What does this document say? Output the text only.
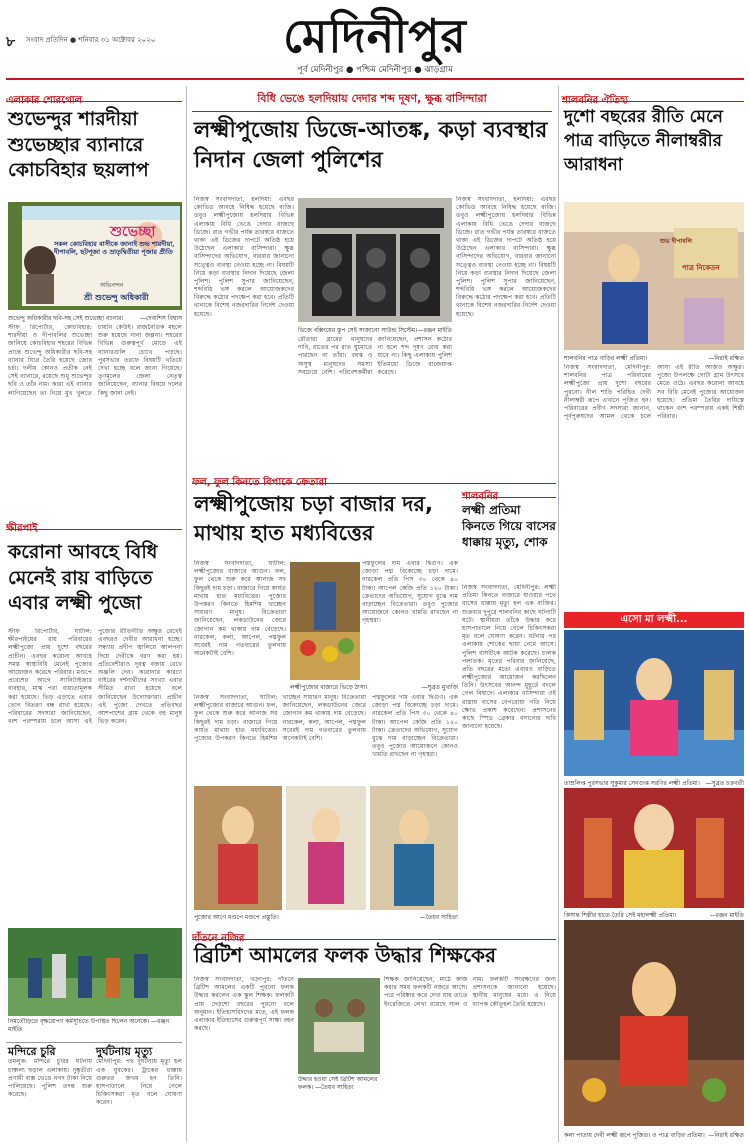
৮ সংবাদ প্রতিদিন ● শনিবার ৩১ অক্টোবর ২০২০	মেদিনীপুর
পূর্ব মেদিনীপুর ● পশ্চিম মেদিনীপুর ● ঝাড়গ্রাম
এলাকার শোরগোল
শুভেন্দুর শারদীয়া শুভেচ্ছার ব্যানারে কোচবিহার ছয়লাপ
শুভেচ্ছা
সকল কোচবিহার বাসীকে জানাই শুভ শারদীয়া, দীপাবলি, ছটপূজা ও ভ্রাতৃদ্বিতীয়া পূজার প্রীতি
অভিনন্দন
শ্রী শুভেন্দু অধিকারী
শুভেন্দু অধিকারীর ছবি-সহ সেই শুভেচ্ছা ব্যানার।	—দেবাশিস বিশ্বাস
স্টাফ রিপোর্টার, কোচবিহার: শারদীয়া ও দীপাবলির শুভেচ্ছা জানিয়ে কোচবিহার শহরের বিভিন্ন প্রান্তে শুভেন্দু অধিকারীর ছবি-সহ ব্যানার ঘিরে তৈরি হয়েছে জোর চর্চা। দলীয় কোনও প্রতীক নেই সেই ব্যানারে, রয়েছে শুধু শুভেন্দুর ছবি ও তাঁর নাম। কারা এই ব্যানার লাগিয়েছেন তা নিয়ে মুখ খুলতে চায়নি কেউই। রাজনৈতিক মহলে শুরু হয়েছে নানা জল্পনা। শহরের বিভিন্ন গুরুত্বপূর্ণ মোড়ে এই ব্যানারগুলি চোখে পড়ছে। পুরসভার তরফে বিষয়টি খতিয়ে দেখা হচ্ছে বলে জানা গিয়েছে। তৃণমূলের জেলা নেতৃত্ব জানিয়েছেন, ব্যানার বিষয়ে দলের কিছু জানা নেই।
ক্ষীরপাই
করোনা আবহে বিধি মেনেই রায় বাড়িতে এবার লক্ষ্মী পুজো
স্টাফ রিপোর্টার, ঘাটাল: ক্ষীরপাইয়ের রায় পরিবারের লক্ষ্মীপুজো প্রায় দুশো বছরের প্রাচীন। এবছর করোনা আবহে সমস্ত স্বাস্থ্যবিধি মেনেই পুজোর আয়োজন করেছে পরিবার। মণ্ডপে প্রবেশের আগে স্যানিটাইজার ব্যবহার, মাস্ক পরা বাধ্যতামূলক করা হয়েছে। ভিড় এড়াতে এবার ভোগ বিতরণ বন্ধ রাখা হয়েছে। পরিবারের সদস্যরা জানিয়েছেন, বংশ পরম্পরায় চলে আসা এই পুজোর রীতিনীতি অক্ষুণ্ণ রেখেই এবছরও দেবীর আরাধনা হচ্ছে। সন্ধ্যায় প্রদীপ জ্বালিয়ে আলপনা দিয়ে দেবীকে বরণ করা হয়। প্রতিবেশীরাও দূরত্ব বজায় রেখে অঞ্জলি দেন। করোনার কারণে বাইরের দর্শনার্থীদের সংখ্যা এবার সীমিত রাখা হয়েছে বলে জানিয়েছেন উদ্যোক্তারা। প্রাচীন এই পুজো দেখতে প্রতিবছর আশপাশের গ্রাম থেকে বহু মানুষ ভিড় করেন।
নিমতৌড়িতে বৃক্ষরোপণ কর্মসূচিতে উপস্থিত ছিলেন অনেকে। —রঞ্জন মাইতি
মন্দিরে চুরি
তমলুক: মন্দিরে চুরির ঘটনায় চাঞ্চল্য ছড়াল এলাকায়। দুষ্কৃতীরা প্রণামী বাক্স ভেঙে নগদ টাকা নিয়ে পালিয়েছে। পুলিশ তদন্ত শুরু করেছে।
দুর্ঘটনায় মৃত্যু
মেদিনীপুর: পথ দুর্ঘটনায় মৃত্যু হল এক যুবকের। ট্রাকের ধাক্কায় গুরুতর জখম হন তিনি। হাসপাতালে নিয়ে গেলে চিকিৎসকরা মৃত বলে ঘোষণা করেন।
বিধি ভেঙে হলদিয়ায় দেদার শব্দ দূষণ, ক্ষুব্ধ বাসিন্দারা
লক্ষ্মীপুজোয় ডিজে-আতঙ্ক, কড়া ব্যবস্থার নিদান জেলা পুলিশের
নিজস্ব সংবাদদাতা, হলদিয়া: এবছর কোভিড আবহে নিষিদ্ধ হয়েছে বাজি। তবুও লক্ষ্মীপুজোয় হলদিয়ার বিভিন্ন এলাকায় বিধি ভেঙে দেদার বাজছে ডিজে। রাত গভীর পর্যন্ত তারস্বরে বাজতে থাকা এই ডিজের দাপটে অতিষ্ঠ হয়ে উঠেছেন এলাকার বাসিন্দারা। ক্ষুব্ধ বাসিন্দাদের অভিযোগ, বারবার জানানো সত্ত্বেও ব্যবস্থা নেওয়া হচ্ছে না। বিষয়টি নিয়ে কড়া ব্যবস্থার নিদান দিয়েছে জেলা পুলিশ। পুলিশ সুপার জানিয়েছেন, শব্দবিধি ভঙ্গ করলে আয়োজকদের বিরুদ্ধে কঠোর পদক্ষেপ করা হবে। প্রতিটি থানাকে বিশেষ নজরদারির নির্দেশ দেওয়া হয়েছে।
ডিজে বক্সিংয়ের স্তূপ সেই সাজানো সাউন্ড সিস্টেম। —রঞ্জন মাইতি
রৌতারা গ্রামের মানুষদের দাবি, রাতের পর রাত ঘুমোতে পারছেন না তাঁরা। বয়স্ক ও অসুস্থ মানুষদের সমস্যা সবচেয়ে বেশি। পরিবেশকর্মীরা জানিয়েছেন, প্রশাসন কঠোর না হলে শব্দ দূষণ রোধ করা যাবে না। কিছু এলাকায় পুলিশ ইতিমধ্যে ডিজে বাজেয়াপ্ত করেছে।
নিজস্ব সংবাদদাতা, হলদিয়া: এবছর কোভিড আবহে নিষিদ্ধ হয়েছে বাজি। তবুও লক্ষ্মীপুজোয় হলদিয়ার বিভিন্ন এলাকায় বিধি ভেঙে দেদার বাজছে ডিজে। রাত গভীর পর্যন্ত তারস্বরে বাজতে থাকা এই ডিজের দাপটে অতিষ্ঠ হয়ে উঠেছেন এলাকার বাসিন্দারা। ক্ষুব্ধ বাসিন্দাদের অভিযোগ, বারবার জানানো সত্ত্বেও ব্যবস্থা নেওয়া হচ্ছে না। বিষয়টি নিয়ে কড়া ব্যবস্থার নিদান দিয়েছে জেলা পুলিশ। পুলিশ সুপার জানিয়েছেন, শব্দবিধি ভঙ্গ করলে আয়োজকদের বিরুদ্ধে কঠোর পদক্ষেপ করা হবে। প্রতিটি থানাকে বিশেষ নজরদারির নির্দেশ দেওয়া হয়েছে।
ফল, ফুল কিনতে বিপাকে ক্রেতারা
লক্ষ্মীপুজোয় চড়া বাজার দর, মাথায় হাত মধ্যবিত্তের
নিজস্ব সংবাদদাতা, ঘাটাল: লক্ষ্মীপুজোর বাজারে আগুন। ফল, ফুল থেকে শুরু করে আনাজ সব কিছুরই দাম চড়া। বাজারে গিয়ে কার্যত মাথায় হাত মধ্যবিত্তের। পুজোর উপকরণ কিনতে হিমশিম খাচ্ছেন সাধারণ মানুষ। বিক্রেতারা জানিয়েছেন, লকডাউনের জেরে জোগান কম থাকায় দাম বেড়েছে। নারকেল, কলা, আপেল, পদ্মফুল সবেরই দাম গতবারের তুলনায় অনেকটাই বেশি।
লক্ষ্মীপুজোর বাজারে ভিড়ে ঠাসা।	—সুব্রত মুখার্জি
পদ্মফুলের দাম এবার দ্বিগুণ। এক জোড়া পদ্ম বিকোচ্ছে চড়া দামে। নারকেল প্রতি পিস ৩০ থেকে ৪০ টাকা। আপেল কেজি প্রতি ১২০ টাকা। ক্রেতাদের অভিযোগ, সুযোগ বুঝে দাম বাড়াচ্ছেন বিক্রেতারা। তবুও পুজোর আয়োজনে কোনও খামতি রাখছেন না গৃহস্থরা।
নিজস্ব সংবাদদাতা, ঘাটাল: লক্ষ্মীপুজোর বাজারে আগুন। ফল, ফুল থেকে শুরু করে আনাজ সব কিছুরই দাম চড়া। বাজারে গিয়ে কার্যত মাথায় হাত মধ্যবিত্তের। পুজোর উপকরণ কিনতে হিমশিম খাচ্ছেন সাধারণ মানুষ। বিক্রেতারা জানিয়েছেন, লকডাউনের জেরে জোগান কম থাকায় দাম বেড়েছে। নারকেল, কলা, আপেল, পদ্মফুল সবেরই দাম গতবারের তুলনায় অনেকটাই বেশি।
পদ্মফুলের দাম এবার দ্বিগুণ। এক জোড়া পদ্ম বিকোচ্ছে চড়া দামে। নারকেল প্রতি পিস ৩০ থেকে ৪০ টাকা। আপেল কেজি প্রতি ১২০ টাকা। ক্রেতাদের অভিযোগ, সুযোগ বুঝে দাম বাড়াচ্ছেন বিক্রেতারা। তবুও পুজোর আয়োজনে কোনও খামতি রাখছেন না গৃহস্থরা।
পুজোর আগে মণ্ডপে মণ্ডপে প্রস্তুতি।	—তৈয়ব সাহিত্য
দাঁতনে নজির
ব্রিটিশ আমলের ফলক উদ্ধার শিক্ষকের
নিজস্ব সংবাদদাতা, খড়্গপুর: দাঁতনে ব্রিটিশ আমলের একটি পুরনো ফলক উদ্ধার করলেন এক স্কুল শিক্ষক। ফলকটি প্রায় দেড়শো বছরের পুরনো বলে অনুমান। ইতিহাসবিদদের মতে, এই ফলক এলাকার ইতিহাসের গুরুত্বপূর্ণ সাক্ষ্য বহন করছে।
উদ্ধার হওয়া সেই ব্রিটিশ আমলের ফলক। —তৈয়ব সাহিত্য
শিক্ষক জানিয়েছেন, মাঠে কাজ করার সময় ফলকটি নজরে আসে। পরে পরিষ্কার করে দেখা যায় তাতে ইংরেজিতে লেখা রয়েছে সাল ও নাম। ফলকটি সংরক্ষণের জন্য প্রশাসনকে জানানো হয়েছে। স্থানীয় মানুষের মধ্যে এ নিয়ে ব্যাপক কৌতূহল তৈরি হয়েছে।
শালবনির
লক্ষ্মী প্রতিমা কিনতে গিয়ে বাসের ধাক্কায় মৃত্যু, শোক
নিজস্ব সংবাদদাতা, মেদিনীপুর: লক্ষ্মী প্রতিমা কিনতে বাজারে যাওয়ার পথে বাসের ধাক্কায় মৃত্যু হল এক ব্যক্তির। শুক্রবার দুপুরে শালবনির কাছে ঘটনাটি ঘটে। স্থানীয়রা তাঁকে উদ্ধার করে হাসপাতালে নিয়ে গেলে চিকিৎসকরা মৃত বলে ঘোষণা করেন। ঘটনার পর এলাকায় শোকের ছায়া নেমে আসে। পুলিশ বাসটিকে আটক করেছে। চালক পলাতক। মৃতের পরিবার জানিয়েছে, প্রতি বছরের মতো এবারও বাড়িতে লক্ষ্মীপুজোর আয়োজন করছিলেন তিনি। উৎসবের আনন্দ মুহূর্তে বদলে গেল বিষাদে। এলাকার বাসিন্দারা ওই রাস্তায় বাসের বেপরোয়া গতি নিয়ে ক্ষোভ প্রকাশ করেছেন। প্রশাসনের কাছে স্পিড ব্রেকার বসানোর দাবি জানানো হয়েছে।
শালবনির ঐতিহ্য
দুশো বছরের রীতি মেনে পাত্র বাড়িতে নীলাম্বরীর আরাধনা
শুভ দীপাবলি
পাত্র নিকেতন
শালবনির পাত্র বাড়ির লক্ষ্মী প্রতিমা।	—নিরাই রক্ষিত
নিজস্ব সংবাদদাতা, মেদিনীপুর: শালবনির পাত্র পরিবারের লক্ষ্মীপুজো প্রায় দুশো বছরের পুরনো। নীল শাড়ি পরিহিত দেবী নীলাম্বরী রূপে এখানে পূজিত হন। পরিবারের প্রবীণ সদস্যরা জানান, পূর্বপুরুষদের আমল থেকে চলে আসা এই রীতি আজও অক্ষুণ্ণ। পুজো উপলক্ষে গোটা গ্রাম উৎসবে মেতে ওঠে। এবছর করোনা আবহে সব বিধি মেনেই পুজোর আয়োজন হয়েছে। প্রতিমা তৈরির দায়িত্বে থাকেন বংশ পরম্পরায় একই শিল্পী পরিবার।
এসো মা লক্ষ্মী...
তাম্রলিপ্ত পুরসভার সুকুমার সেনগুপ্ত সরণির লক্ষ্মী প্রতিমা। —সুব্রত চক্রবর্তী
কিসান্ত শিল্পীর হাতে তৈরি সেই মহালক্ষ্মী প্রতিমা।	—রঞ্জন মাইতি
কলা পাতায় দেবী লক্ষ্মী রূপে পূজিত। ও পাত্র বাড়ির প্রতিমা। —নিরাই রক্ষিত
